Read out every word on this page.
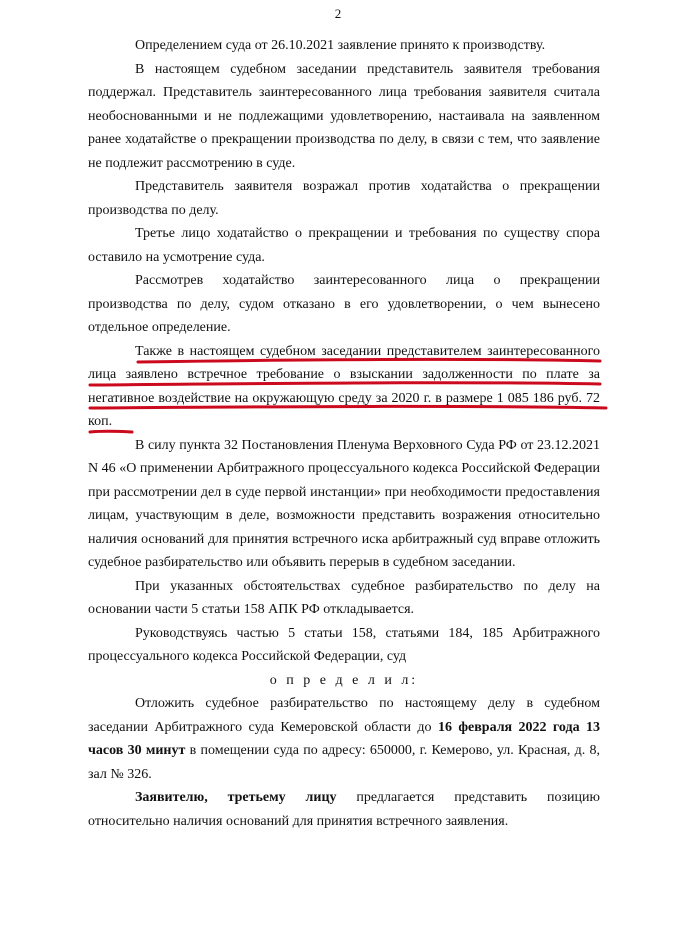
2

Определением суда от 26.10.2021 заявление принято к производству.

В настоящем судебном заседании представитель заявителя требования поддержал. Представитель заинтересованного лица требования заявителя считала необоснованными и не подлежащими удовлетворению, настаивала на заявленном ранее ходатайстве о прекращении производства по делу, в связи с тем, что заявление не подлежит рассмотрению в суде.

Представитель заявителя возражал против ходатайства о прекращении производства по делу.

Третье лицо ходатайство о прекращении и требования по существу спора оставило на усмотрение суда.

Рассмотрев ходатайство заинтересованного лица о прекращении производства по делу, судом отказано в его удовлетворении, о чем вынесено отдельное определение.

Также в настоящем судебном заседании представителем заинтересованного лица заявлено встречное требование о взыскании задолженности по плате за негативное воздействие на окружающую среду за 2020 г. в размере 1 085 186 руб. 72 коп.

В силу пункта 32 Постановления Пленума Верховного Суда РФ от 23.12.2021 N 46 «О применении Арбитражного процессуального кодекса Российской Федерации при рассмотрении дел в суде первой инстанции» при необходимости предоставления лицам, участвующим в деле, возможности представить возражения относительно наличия оснований для принятия встречного иска арбитражный суд вправе отложить судебное разбирательство или объявить перерыв в судебном заседании.

При указанных обстоятельствах судебное разбирательство по делу на основании части 5 статьи 158 АПК РФ откладывается.

Руководствуясь частью 5 статьи 158, статьями 184, 185 Арбитражного процессуального кодекса Российской Федерации, суд

о п р е д е л и л:

Отложить судебное разбирательство по настоящему делу в судебном заседании Арбитражного суда Кемеровской области до 16 февраля 2022 года 13 часов 30 минут в помещении суда по адресу: 650000, г. Кемерово, ул. Красная, д. 8, зал № 326.

Заявителю, третьему лицу предлагается представить позицию относительно наличия оснований для принятия встречного заявления.
